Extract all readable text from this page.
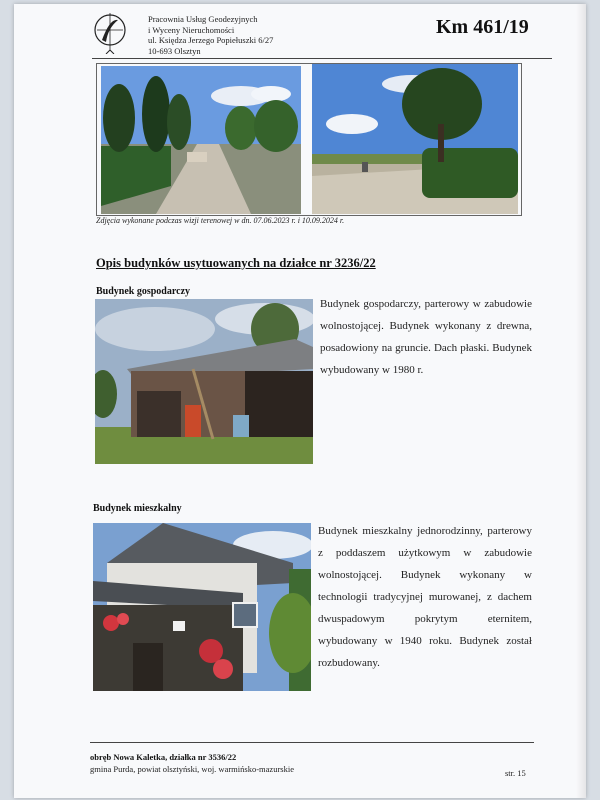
Pracownia Usług Geodezyjnych
i Wyceny Nieruchomości
ul. Księdza Jerzego Popiełuszki 6/27
10-693 Olsztyn
Km 461/19
Zdjęcia wykonane podczas wizji terenowej w dn. 07.06.2023 r. i 10.09.2024 r.
Opis budynków usytuowanych na działce nr 3236/22
Budynek gospodarczy
Budynek gospodarczy, parterowy w zabudowie wolnostojącej. Budynek wykonany z drewna, posadowiony na gruncie. Dach płaski. Budynek wybudowany w 1980 r.
Budynek mieszkalny
Budynek mieszkalny jednorodzinny, parterowy z poddaszem użytkowym w zabudowie wolnostojącej. Budynek wykonany w technologii tradycyjnej murowanej, z dachem dwuspadowym pokrytym eternitem, wybudowany w 1940 roku. Budynek został rozbudowany.
obręb Nowa Kaletka, działka nr 3536/22
gmina Purda, powiat olsztyński, woj. warmińsko-mazurskie	str. 15
